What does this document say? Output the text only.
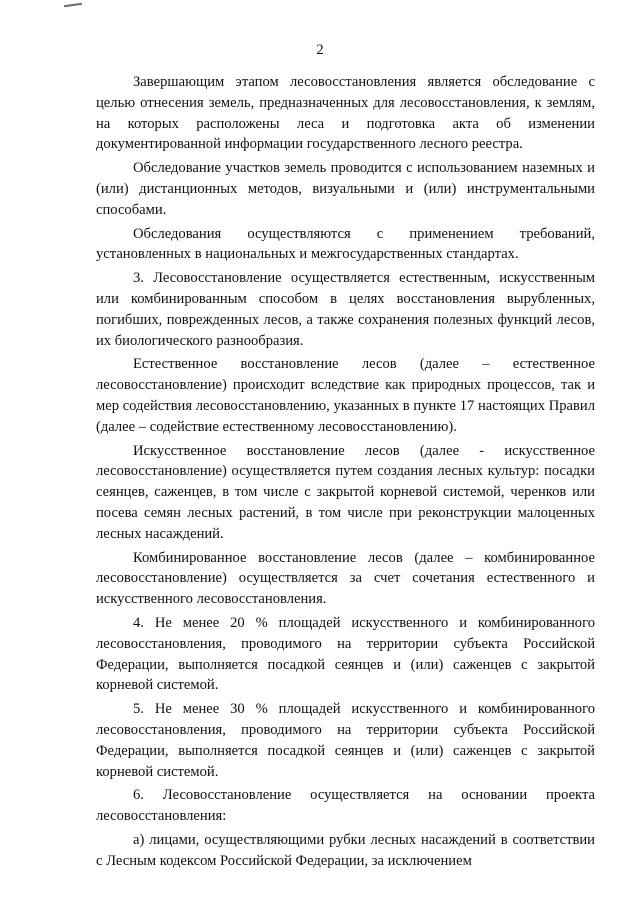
2

Завершающим этапом лесовосстановления является обследование с целью отнесения земель, предназначенных для лесовосстановления, к землям, на которых расположены леса и подготовка акта об изменении документированной информации государственного лесного реестра.

Обследование участков земель проводится с использованием наземных и (или) дистанционных методов, визуальными и (или) инструментальными способами.

Обследования осуществляются с применением требований, установленных в национальных и межгосударственных стандартах.

3. Лесовосстановление осуществляется естественным, искусственным или комбинированным способом в целях восстановления вырубленных, погибших, поврежденных лесов, а также сохранения полезных функций лесов, их биологического разнообразия.

Естественное восстановление лесов (далее – естественное лесовосстановление) происходит вследствие как природных процессов, так и мер содействия лесовосстановлению, указанных в пункте 17 настоящих Правил (далее – содействие естественному лесовосстановлению).

Искусственное восстановление лесов (далее - искусственное лесовосстановление) осуществляется путем создания лесных культур: посадки сеянцев, саженцев, в том числе с закрытой корневой системой, черенков или посева семян лесных растений, в том числе при реконструкции малоценных лесных насаждений.

Комбинированное восстановление лесов (далее – комбинированное лесовосстановление) осуществляется за счет сочетания естественного и искусственного лесовосстановления.

4. Не менее 20 % площадей искусственного и комбинированного лесовосстановления, проводимого на территории субъекта Российской Федерации, выполняется посадкой сеянцев и (или) саженцев с закрытой корневой системой.

5. Не менее 30 % площадей искусственного и комбинированного лесовосстановления, проводимого на территории субъекта Российской Федерации, выполняется посадкой сеянцев и (или) саженцев с закрытой корневой системой.

6. Лесовосстановление осуществляется на основании проекта лесовосстановления:

а) лицами, осуществляющими рубки лесных насаждений в соответствии с Лесным кодексом Российской Федерации, за исключением
